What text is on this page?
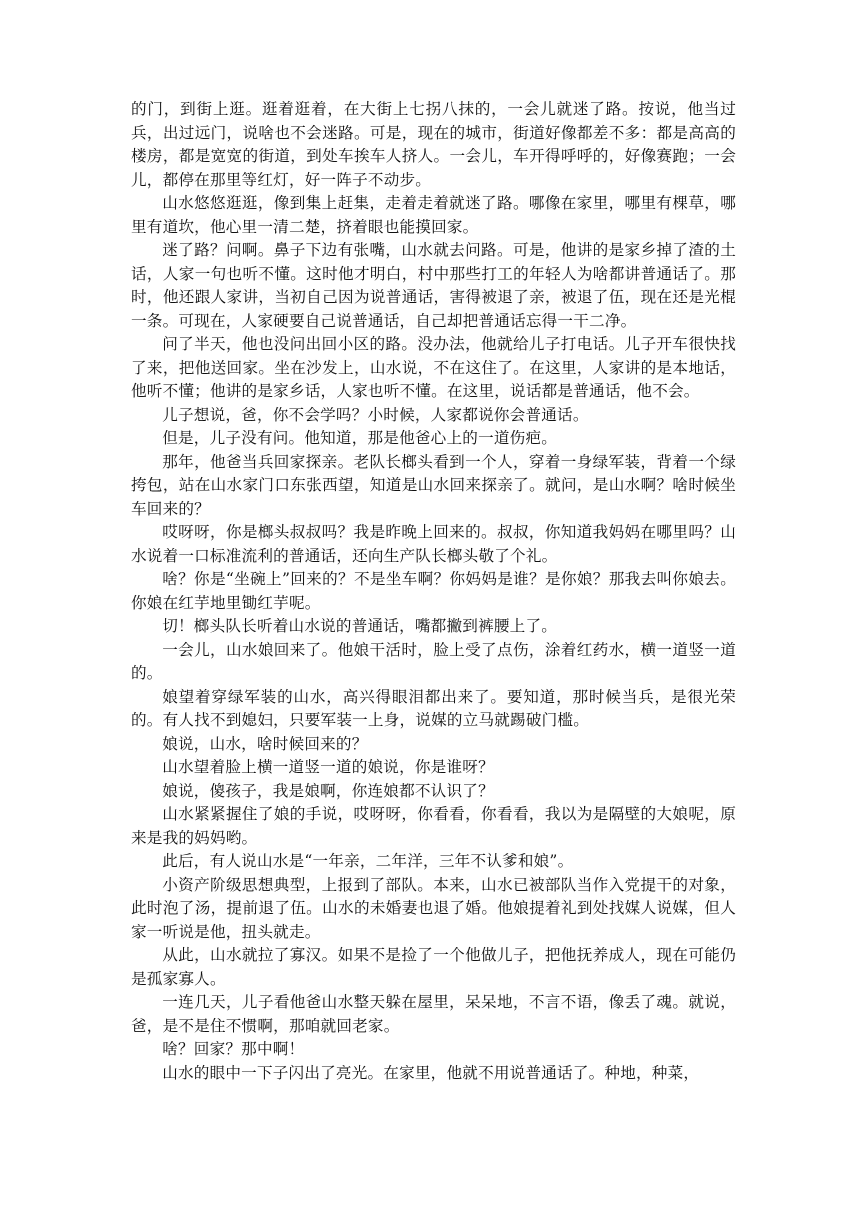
的门，到街上逛。逛着逛着，在大街上七拐八抹的，一会儿就迷了路。按说，他当过兵，出过远门，说啥也不会迷路。可是，现在的城市，街道好像都差不多：都是高高的楼房，都是宽宽的街道，到处车挨车人挤人。一会儿，车开得呼呼的，好像赛跑；一会儿，都停在那里等红灯，好一阵子不动步。

山水悠悠逛逛，像到集上赶集，走着走着就迷了路。哪像在家里，哪里有棵草，哪里有道坎，他心里一清二楚，挤着眼也能摸回家。

迷了路？问啊。鼻子下边有张嘴，山水就去问路。可是，他讲的是家乡掉了渣的土话，人家一句也听不懂。这时他才明白，村中那些打工的年轻人为啥都讲普通话了。那时，他还跟人家讲，当初自己因为说普通话，害得被退了亲，被退了伍，现在还是光棍一条。可现在，人家硬要自己说普通话，自己却把普通话忘得一干二净。

问了半天，他也没问出回小区的路。没办法，他就给儿子打电话。儿子开车很快找了来，把他送回家。坐在沙发上，山水说，不在这住了。在这里，人家讲的是本地话，他听不懂；他讲的是家乡话，人家也听不懂。在这里，说话都是普通话，他不会。

儿子想说，爸，你不会学吗？小时候，人家都说你会普通话。

但是，儿子没有问。他知道，那是他爸心上的一道伤疤。

那年，他爸当兵回家探亲。老队长榔头看到一个人，穿着一身绿军装，背着一个绿挎包，站在山水家门口东张西望，知道是山水回来探亲了。就问，是山水啊？啥时候坐车回来的？

哎呀呀，你是榔头叔叔吗？我是昨晚上回来的。叔叔，你知道我妈妈在哪里吗？山水说着一口标准流利的普通话，还向生产队长榔头敬了个礼。

啥？你是“坐碗上”回来的？不是坐车啊？你妈妈是谁？是你娘？那我去叫你娘去。你娘在红芋地里锄红芋呢。

切！榔头队长听着山水说的普通话，嘴都撇到裤腰上了。

一会儿，山水娘回来了。他娘干活时，脸上受了点伤，涂着红药水，横一道竖一道的。

娘望着穿绿军装的山水，高兴得眼泪都出来了。要知道，那时候当兵，是很光荣的。有人找不到媳妇，只要军装一上身，说媒的立马就踢破门槛。

娘说，山水，啥时候回来的？

山水望着脸上横一道竖一道的娘说，你是谁呀？

娘说，傻孩子，我是娘啊，你连娘都不认识了？

山水紧紧握住了娘的手说，哎呀呀，你看看，你看看，我以为是隔壁的大娘呢，原来是我的妈妈哟。

此后，有人说山水是“一年亲，二年洋，三年不认爹和娘”。

小资产阶级思想典型，上报到了部队。本来，山水已被部队当作入党提干的对象，此时泡了汤，提前退了伍。山水的未婚妻也退了婚。他娘提着礼到处找媒人说媒，但人家一听说是他，扭头就走。

从此，山水就拉了寡汉。如果不是捡了一个他做儿子，把他抚养成人，现在可能仍是孤家寡人。

一连几天，儿子看他爸山水整天躲在屋里，呆呆地，不言不语，像丢了魂。就说，爸，是不是住不惯啊，那咱就回老家。

啥？回家？那中啊！

山水的眼中一下子闪出了亮光。在家里，他就不用说普通话了。种地，种菜，
